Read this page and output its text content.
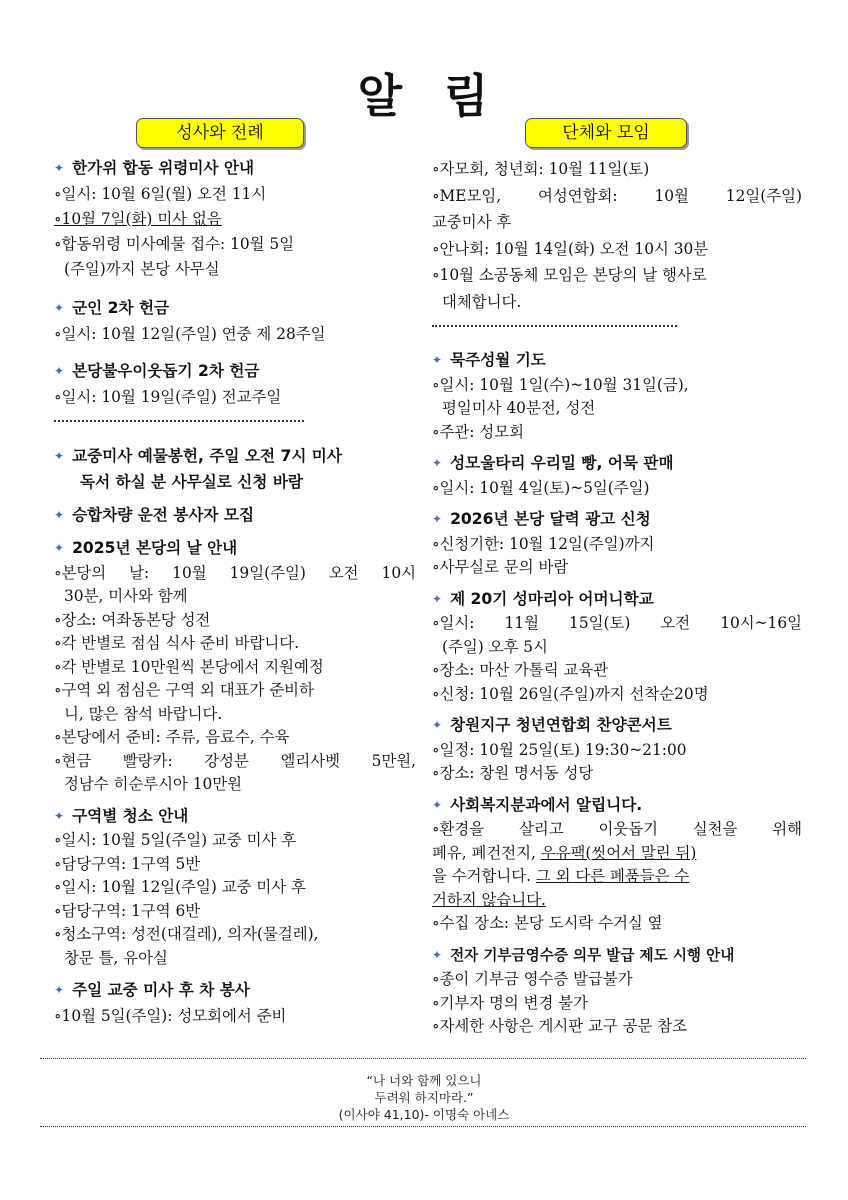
알 림
성사와 전례	단체와 모임
✦ 한가위 합동 위령미사 안내
∘일시: 10월 6일(월) 오전 11시
∘10월 7일(화) 미사 없음
∘합동위령 미사예물 접수: 10월 5일
(주일)까지 본당 사무실
✦ 군인 2차 헌금
∘일시: 10월 12일(주일) 연중 제 28주일
✦ 본당불우이웃돕기 2차 헌금
∘일시: 10월 19일(주일) 전교주일
✦ 교중미사 예물봉헌, 주일 오전 7시 미사
독서 하실 분 사무실로 신청 바람
✦ 승합차량 운전 봉사자 모집
✦ 2025년 본당의 날 안내
∘본당의 날: 10월 19일(주일) 오전 10시
30분, 미사와 함께
∘장소: 여좌동본당 성전
∘각 반별로 점심 식사 준비 바랍니다.
∘각 반별로 10만원씩 본당에서 지원예정
∘구역 외 점심은 구역 외 대표가 준비하
니, 많은 참석 바랍니다.
∘본당에서 준비: 주류, 음료수, 수육
∘현금 빨랑카: 강성분 엘리사벳 5만원,
정남수 히순루시아 10만원
✦ 구역별 청소 안내
∘일시: 10월 5일(주일) 교중 미사 후
∘담당구역: 1구역 5반
∘일시: 10월 12일(주일) 교중 미사 후
∘담당구역: 1구역 6반
∘청소구역: 성전(대걸레), 의자(물걸레),
창문 틀, 유아실
✦ 주일 교중 미사 후 차 봉사
∘10월 5일(주일): 성모회에서 준비
∘자모회, 청년회: 10월 11일(토)
∘ME모임, 여성연합회: 10월 12일(주일)
교중미사 후
∘안나회: 10월 14일(화) 오전 10시 30분
∘10월 소공동체 모임은 본당의 날 행사로
대체합니다.
✦ 묵주성월 기도
∘일시: 10월 1일(수)~10월 31일(금),
평일미사 40분전, 성전
∘주관: 성모회
✦ 성모울타리 우리밀 빵, 어묵 판매
∘일시: 10월 4일(토)~5일(주일)
✦ 2026년 본당 달력 광고 신청
∘신청기한: 10월 12일(주일)까지
∘사무실로 문의 바람
✦ 제 20기 성마리아 어머니학교
∘일시: 11월 15일(토) 오전 10시~16일
(주일) 오후 5시
∘장소: 마산 가톨릭 교육관
∘신청: 10월 26일(주일)까지 선착순20명
✦ 창원지구 청년연합회 찬양콘서트
∘일정: 10월 25일(토) 19:30~21:00
∘장소: 창원 명서동 성당
✦ 사회복지분과에서 알립니다.
∘환경을 살리고 이웃돕기 실천을 위해
폐유, 폐건전지, 우유팩(씻어서 말린 뒤)
을 수거합니다. 그 외 다른 폐품들은 수
거하지 않습니다.
∘수집 장소: 본당 도시락 수거실 옆
✦ 전자 기부금영수증 의무 발급 제도 시행 안내
∘종이 기부금 영수증 발급불가
∘기부자 명의 변경 불가
∘자세한 사항은 게시판 교구 공문 참조
“나 너와 함께 있으니
두려워 하지마라.”
(이사야 41,10)- 이명숙 아네스
